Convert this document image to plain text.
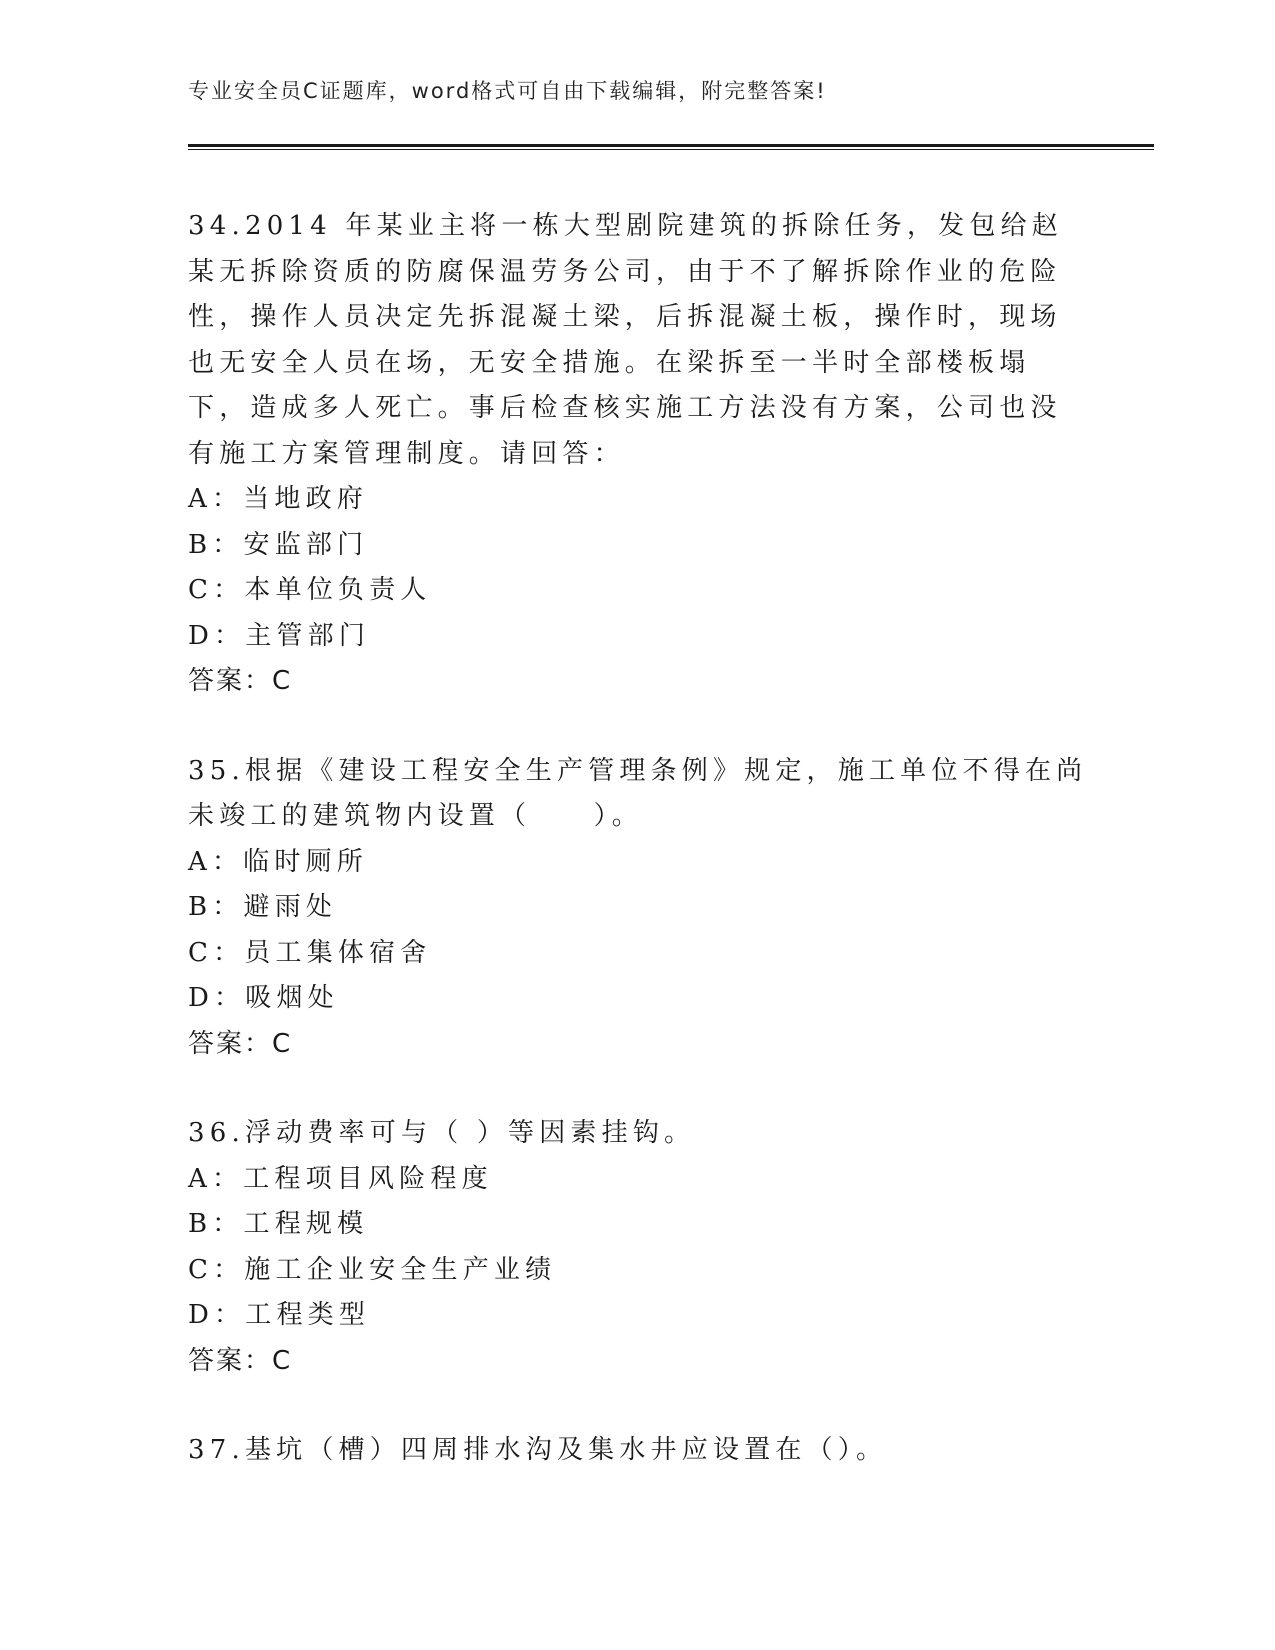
专业安全员C证题库，word格式可自由下载编辑，附完整答案!

34.2014 年某业主将一栋大型剧院建筑的拆除任务，发包给赵某无拆除资质的防腐保温劳务公司，由于不了解拆除作业的危险性，操作人员决定先拆混凝土梁，后拆混凝土板，操作时，现场也无安全人员在场，无安全措施。在梁拆至一半时全部楼板塌下，造成多人死亡。事后检查核实施工方法没有方案，公司也没有施工方案管理制度。请回答：

A：当地政府

B：安监部门

C：本单位负责人

D：主管部门

答案：C

35.根据《建设工程安全生产管理条例》规定，施工单位不得在尚未竣工的建筑物内设置（　　）。

A：临时厕所

B：避雨处

C：员工集体宿舍

D：吸烟处

答案：C

36.浮动费率可与（ ）等因素挂钩。

A：工程项目风险程度

B：工程规模

C：施工企业安全生产业绩

D：工程类型

答案：C

37.基坑（槽）四周排水沟及集水井应设置在（）。
